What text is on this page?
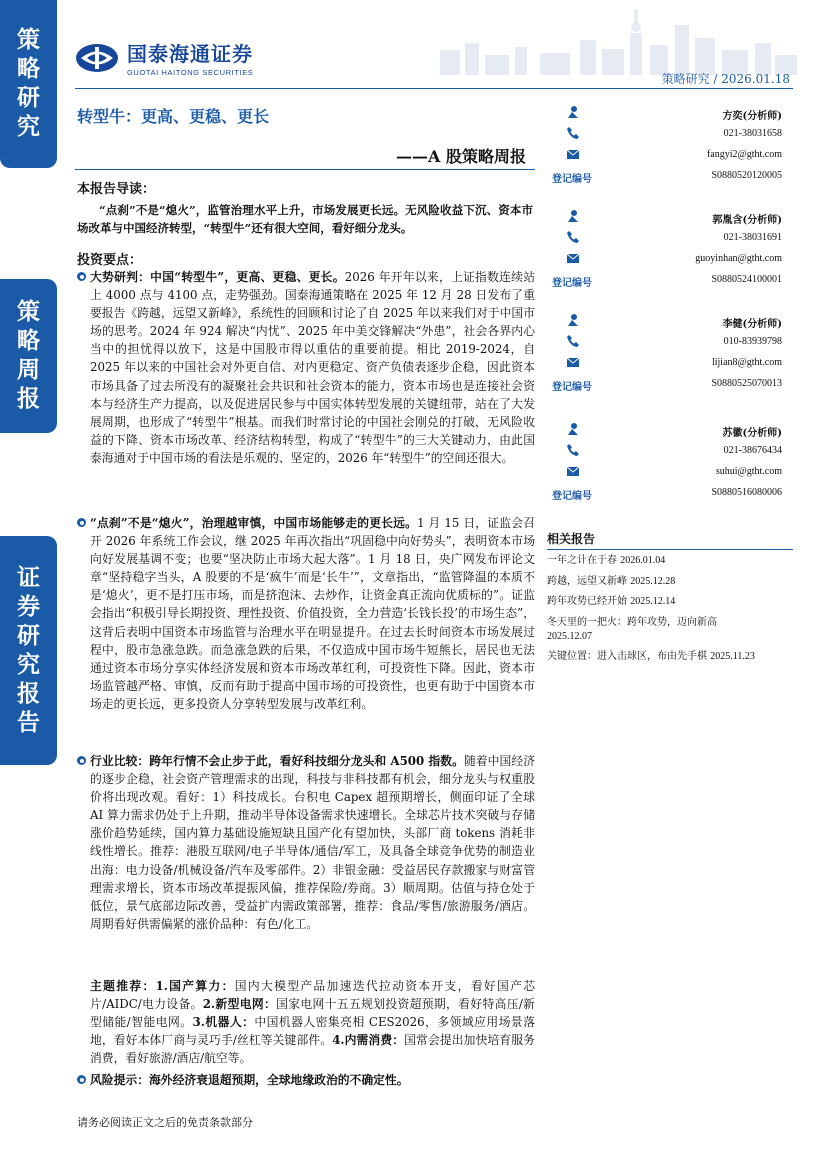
策
略
研
究
策
略
周
报
证
券
研
究
报
告
国泰海通证券
GUOTAI HAITONG SECURITIES	策略研究 / 2026.01.18
转型牛：更高、更稳、更长
——A 股策略周报
本报告导读：
“点刹”不是“熄火”，监管治理水平上升，市场发展更长远。无风险收益下沉、资本市场改革与中国经济转型，“转型牛”还有很大空间，看好细分龙头。
投资要点：
大势研判：中国“转型牛”，更高、更稳、更长。2026 年开年以来，上证指数连续站上 4000 点与 4100 点，走势强劲。国泰海通策略在 2025 年 12 月 28 日发布了重要报告《跨越，远望又新峰》，系统性的回顾和讨论了自 2025 年以来我们对于中国市场的思考。2024 年 924 解决“内忧”、2025 年中美交锋解决“外患”，社会各界内心当中的担忧得以放下，这是中国股市得以重估的重要前提。相比 2019-2024，自 2025 年以来的中国社会对外更自信、对内更稳定、资产负债表逐步企稳，因此资本市场具备了过去所没有的凝聚社会共识和社会资本的能力，资本市场也是连接社会资本与经济生产力提高，以及促进居民参与中国实体转型发展的关键纽带，站在了大发展周期，也形成了“转型牛”根基。而我们时常讨论的中国社会刚兑的打破，无风险收益的下降、资本市场改革、经济结构转型，构成了“转型牛”的三大关键动力，由此国泰海通对于中国市场的看法是乐观的、坚定的，2026 年“转型牛”的空间还很大。
“点刹”不是“熄火”，治理越审慎，中国市场能够走的更长远。1 月 15 日，证监会召开 2026 年系统工作会议，继 2025 年再次指出“巩固稳中向好势头”，表明资本市场向好发展基调不变；也要“坚决防止市场大起大落”。1 月 18 日，央广网发布评论文章“坚持稳字当头，A 股要的不是‘疯牛’而是‘长牛’”，文章指出，“监管降温的本质不是‘熄火’，更不是打压市场，而是挤泡沫、去炒作，让资金真正流向优质标的”。证监会指出“积极引导长期投资、理性投资、价值投资，全力营造‘长钱长投’的市场生态”，这背后表明中国资本市场监管与治理水平在明显提升。在过去长时间资本市场发展过程中，股市急涨急跌。而急涨急跌的后果，不仅造成中国市场牛短熊长，居民也无法通过资本市场分享实体经济发展和资本市场改革红利，可投资性下降。因此，资本市场监管越严格、审慎，反而有助于提高中国市场的可投资性，也更有助于中国资本市场走的更长远，更多投资人分享转型发展与改革红利。
行业比较：跨年行情不会止步于此，看好科技细分龙头和 A500 指数。随着中国经济的逐步企稳，社会资产管理需求的出现，科技与非科技都有机会，细分龙头与权重股价将出现改观。看好：1）科技成长。台积电 Capex 超预期增长，侧面印证了全球 AI 算力需求仍处于上升期，推动半导体设备需求快速增长。全球芯片技术突破与存储涨价趋势延续，国内算力基础设施短缺且国产化有望加快，头部厂商 tokens 消耗非线性增长。推荐：港股互联网/电子半导体/通信/军工，及具备全球竞争优势的制造业出海：电力设备/机械设备/汽车及零部件。2）非银金融：受益居民存款搬家与财富管理需求增长，资本市场改革提振风偏，推荐保险/券商。3）顺周期。估值与持仓处于低位，景气底部边际改善，受益扩内需政策部署，推荐：食品/零售/旅游服务/酒店。周期看好供需偏紧的涨价品种：有色/化工。
主题推荐：1.国产算力：国内大模型产品加速迭代拉动资本开支，看好国产芯片/AIDC/电力设备。2.新型电网：国家电网十五五规划投资超预期，看好特高压/新型储能/智能电网。3.机器人：中国机器人密集亮相 CES2026，多领域应用场景落地，看好本体厂商与灵巧手/丝杠等关键部件。4.内需消费：国常会提出加快培育服务消费，看好旅游/酒店/航空等。
风险提示：海外经济衰退超预期，全球地缘政治的不确定性。
请务必阅读正文之后的免责条款部分
方奕(分析师)
021-38031658
fangyi2@gtht.com
登记编号	S0880520120005
郭胤含(分析师)
021-38031691
guoyinhan@gtht.com
登记编号	S0880524100001
李健(分析师)
010-83939798
lijian8@gtht.com
登记编号	S0880525070013
苏徽(分析师)
021-38676434
suhui@gtht.com
登记编号	S0880516080006
相关报告
一年之计在于春 2026.01.04
跨越，远望又新峰 2025.12.28
跨年攻势已经开始 2025.12.14
冬天里的一把火：跨年攻势，迈向新高
2025.12.07
关键位置：进入击球区，布由先手棋 2025.11.23
